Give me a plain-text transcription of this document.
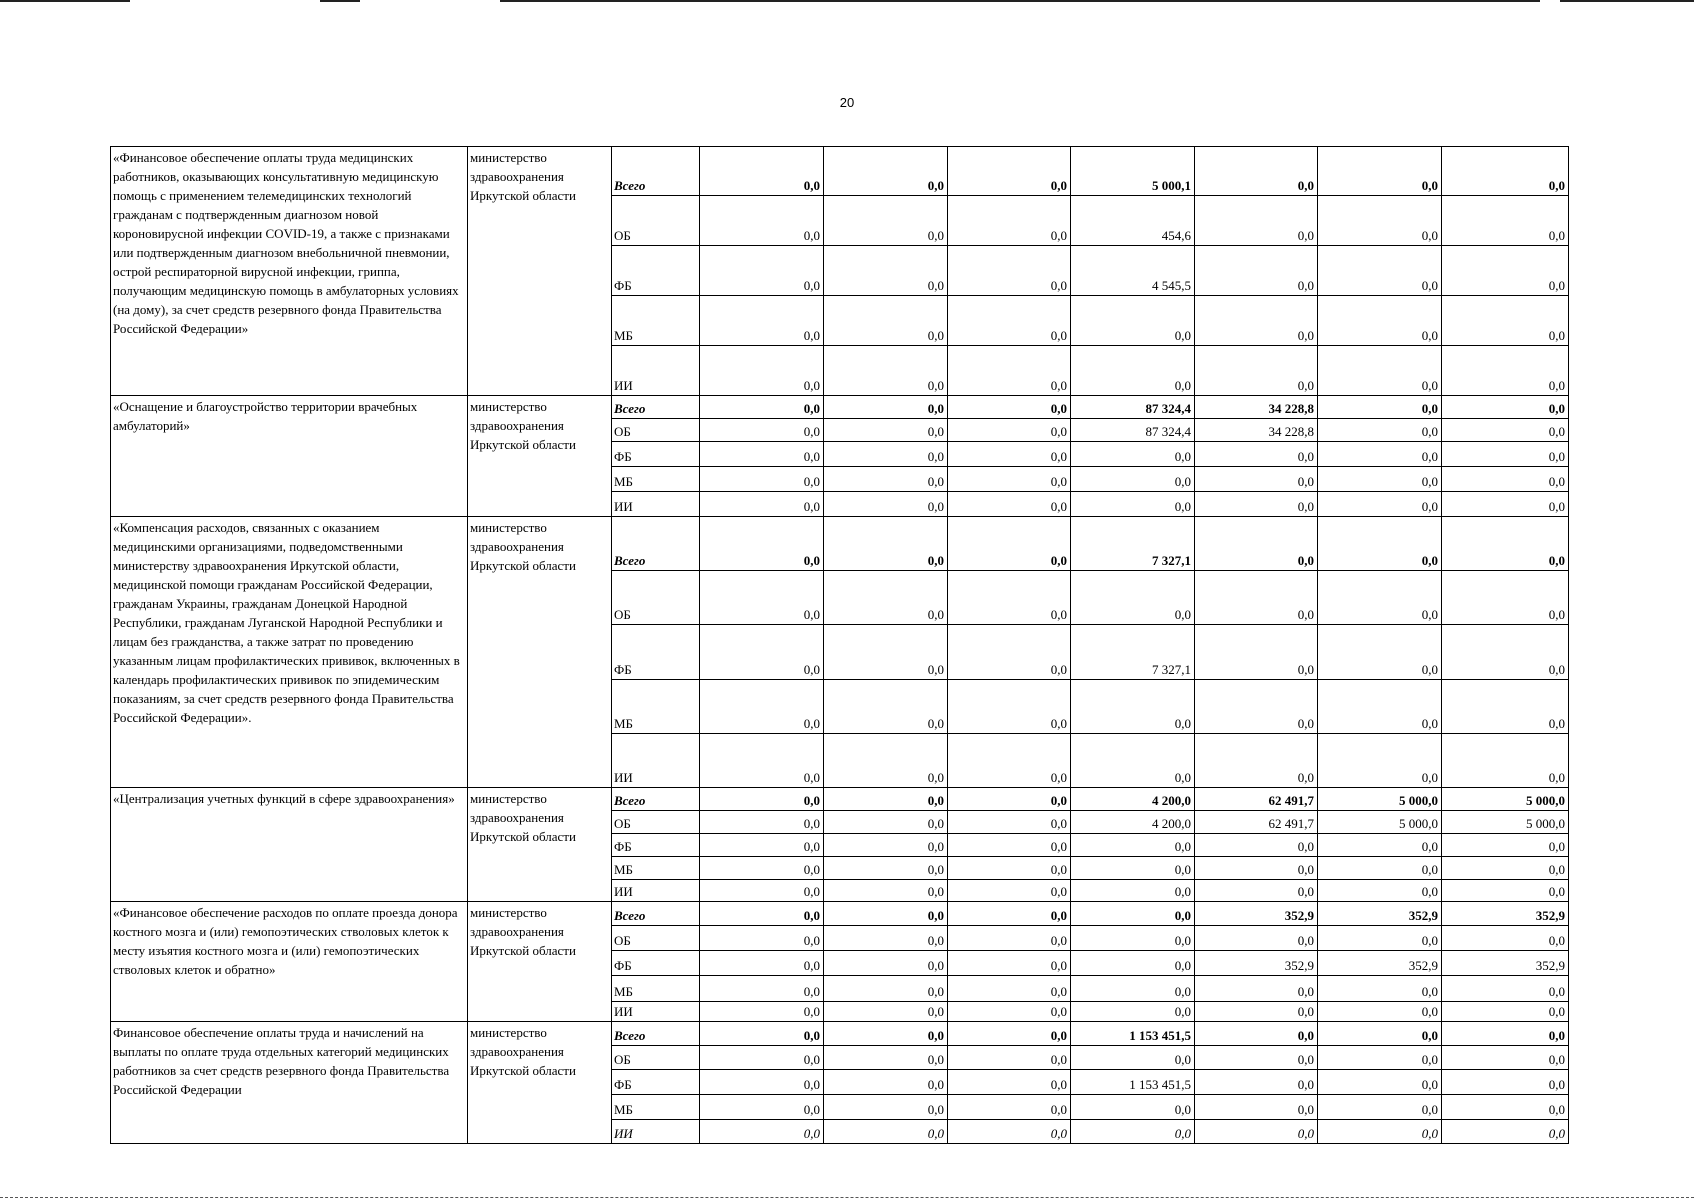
20
«Финансовое обеспечение оплаты труда медицинских работников, оказывающих консультативную медицинскую помощь с применением телемедицинских технологий гражданам с подтвержденным диагнозом новой короновирусной инфекции COVID-19, а также с признаками или подтвержденным диагнозом внебольничной пневмонии, острой респираторной вирусной инфекции, гриппа, получающим медицинскую помощь в амбулаторных условиях (на дому), за счет средств резервного фонда Правительства Российской Федерации»	министерство здравоохранения Иркутской области	Всего	0,0	0,0	0,0	5 000,1	0,0	0,0	0,0
		ОБ	0,0	0,0	0,0	454,6	0,0	0,0	0,0
		ФБ	0,0	0,0	0,0	4 545,5	0,0	0,0	0,0
		МБ	0,0	0,0	0,0	0,0	0,0	0,0	0,0
		ИИ	0,0	0,0	0,0	0,0	0,0	0,0	0,0
«Оснащение и благоустройство территории врачебных амбулаторий»	министерство здравоохранения Иркутской области	Всего	0,0	0,0	0,0	87 324,4	34 228,8	0,0	0,0
		ОБ	0,0	0,0	0,0	87 324,4	34 228,8	0,0	0,0
		ФБ	0,0	0,0	0,0	0,0	0,0	0,0	0,0
		МБ	0,0	0,0	0,0	0,0	0,0	0,0	0,0
		ИИ	0,0	0,0	0,0	0,0	0,0	0,0	0,0
«Компенсация расходов, связанных с оказанием медицинскими организациями, подведомственными министерству здравоохранения Иркутской области, медицинской помощи гражданам Российской Федерации, гражданам Украины, гражданам Донецкой Народной Республики, гражданам Луганской Народной Республики и лицам без гражданства, а также затрат по проведению указанным лицам профилактических прививок, включенных в календарь профилактических прививок по эпидемическим показаниям, за счет средств резервного фонда Правительства Российской Федерации».	министерство здравоохранения Иркутской области	Всего	0,0	0,0	0,0	7 327,1	0,0	0,0	0,0
		ОБ	0,0	0,0	0,0	0,0	0,0	0,0	0,0
		ФБ	0,0	0,0	0,0	7 327,1	0,0	0,0	0,0
		МБ	0,0	0,0	0,0	0,0	0,0	0,0	0,0
		ИИ	0,0	0,0	0,0	0,0	0,0	0,0	0,0
«Централизация учетных функций в сфере здравоохранения»	министерство здравоохранения Иркутской области	Всего	0,0	0,0	0,0	4 200,0	62 491,7	5 000,0	5 000,0
		ОБ	0,0	0,0	0,0	4 200,0	62 491,7	5 000,0	5 000,0
		ФБ	0,0	0,0	0,0	0,0	0,0	0,0	0,0
		МБ	0,0	0,0	0,0	0,0	0,0	0,0	0,0
		ИИ	0,0	0,0	0,0	0,0	0,0	0,0	0,0
«Финансовое обеспечение расходов по оплате проезда донора костного мозга и (или) гемопоэтических стволовых клеток к месту изъятия костного мозга и (или) гемопоэтических стволовых клеток и обратно»	министерство здравоохранения Иркутской области	Всего	0,0	0,0	0,0	0,0	352,9	352,9	352,9
		ОБ	0,0	0,0	0,0	0,0	0,0	0,0	0,0
		ФБ	0,0	0,0	0,0	0,0	352,9	352,9	352,9
		МБ	0,0	0,0	0,0	0,0	0,0	0,0	0,0
		ИИ	0,0	0,0	0,0	0,0	0,0	0,0	0,0
Финансовое обеспечение оплаты труда и начислений на выплаты по оплате труда отдельных категорий медицинских работников за счет средств резервного фонда Правительства Российской Федерации	министерство здравоохранения Иркутской области	Всего	0,0	0,0	0,0	1 153 451,5	0,0	0,0	0,0
		ОБ	0,0	0,0	0,0	0,0	0,0	0,0	0,0
		ФБ	0,0	0,0	0,0	1 153 451,5	0,0	0,0	0,0
		МБ	0,0	0,0	0,0	0,0	0,0	0,0	0,0
		ИИ	0,0	0,0	0,0	0,0	0,0	0,0	0,0
